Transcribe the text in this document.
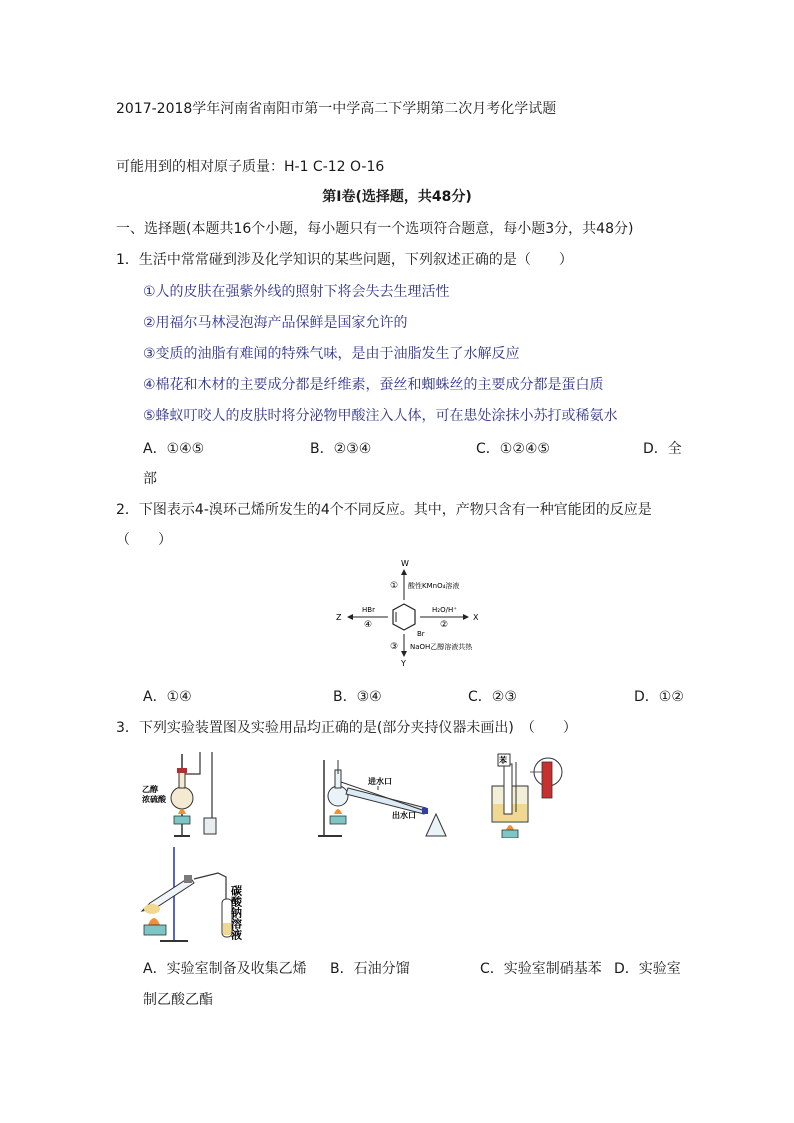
2017-2018学年河南省南阳市第一中学高二下学期第二次月考化学试题
可能用到的相对原子质量：H-1 C-12 O-16
第Ⅰ卷(选择题，共48分)
一、选择题(本题共16个小题，每小题只有一个选项符合题意，每小题3分，共48分)
1．生活中常常碰到涉及化学知识的某些问题，下列叙述正确的是（　　）
①人的皮肤在强紫外线的照射下将会失去生理活性
②用福尔马林浸泡海产品保鲜是国家允许的
③变质的油脂有难闻的特殊气味，是由于油脂发生了水解反应
④棉花和木材的主要成分都是纤维素，蚕丝和蜘蛛丝的主要成分都是蛋白质
⑤蜂蚁叮咬人的皮肤时将分泌物甲酸注入人体，可在患处涂抹小苏打或稀氨水
A．①④⑤	B．②③④	C．①②④⑤	D．全
部
2．下图表示4-溴环己烯所发生的4个不同反应。其中，产物只含有一种官能团的反应是
（　　）
Br
W
① 酸性KMnO₄溶液
X
H₂O/H⁺
②
Z
HBr
④
Y
③ NaOH乙醇溶液共热
A．①④	B．③④	C．②③	D．①②
3．下列实验装置图及实验用品均正确的是(部分夹持仪器未画出)　（　　）
乙醇
浓硫酸
进水口
出水口
苯
碳酸钠溶液
A．实验室制备及收集乙烯 B．石油分馏	C．实验室制硝基苯 D．实验室
制乙酸乙酯
